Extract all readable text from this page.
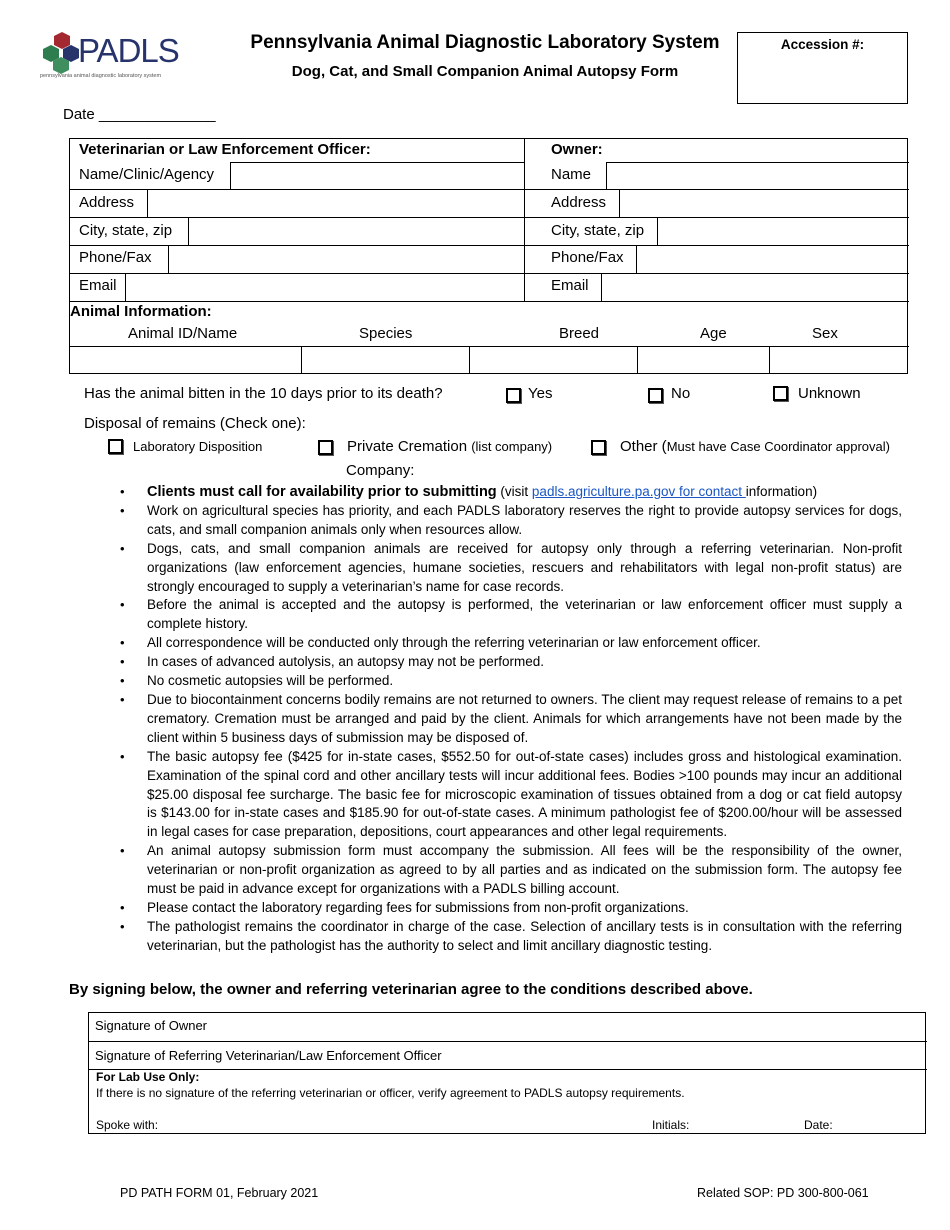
PADLS
pennsylvania animal diagnostic laboratory system
Pennsylvania Animal Diagnostic Laboratory System
Dog, Cat, and Small Companion Animal Autopsy Form
Accession #:
Date ______________
Veterinarian or Law Enforcement Officer:
Name/Clinic/Agency
Address
City, state, zip
Phone/Fax
Email
Owner:
Name
Address
City, state, zip
Phone/Fax
Email
Animal Information:
Animal ID/Name	Species	Breed	Age	Sex
Has the animal bitten in the 10 days prior to its death?	Yes	No	Unknown
Disposal of remains (Check one):
Laboratory Disposition	Private Cremation (list company)	Other (Must have Case Coordinator approval)
Company:
• Clients must call for availability prior to submitting (visit padls.agriculture.pa.gov for contact information)
• Work on agricultural species has priority, and each PADLS laboratory reserves the right to provide autopsy services for dogs, cats, and small companion animals only when resources allow.
• Dogs, cats, and small companion animals are received for autopsy only through a referring veterinarian. Non-profit organizations (law enforcement agencies, humane societies, rescuers and rehabilitators with legal non-profit status) are strongly encouraged to supply a veterinarian’s name for case records.
• Before the animal is accepted and the autopsy is performed, the veterinarian or law enforcement officer must supply a complete history.
• All correspondence will be conducted only through the referring veterinarian or law enforcement officer.
• In cases of advanced autolysis, an autopsy may not be performed.
• No cosmetic autopsies will be performed.
• Due to biocontainment concerns bodily remains are not returned to owners. The client may request release of remains to a pet crematory. Cremation must be arranged and paid by the client. Animals for which arrangements have not been made by the client within 5 business days of submission may be disposed of.
• The basic autopsy fee ($425 for in-state cases, $552.50 for out-of-state cases) includes gross and histological examination. Examination of the spinal cord and other ancillary tests will incur additional fees. Bodies >100 pounds may incur an additional $25.00 disposal fee surcharge. The basic fee for microscopic examination of tissues obtained from a dog or cat field autopsy is $143.00 for in-state cases and $185.90 for out-of-state cases. A minimum pathologist fee of $200.00/hour will be assessed in legal cases for case preparation, depositions, court appearances and other legal requirements.
• An animal autopsy submission form must accompany the submission. All fees will be the responsibility of the owner, veterinarian or non-profit organization as agreed to by all parties and as indicated on the submission form. The autopsy fee must be paid in advance except for organizations with a PADLS billing account.
• Please contact the laboratory regarding fees for submissions from non-profit organizations.
• The pathologist remains the coordinator in charge of the case. Selection of ancillary tests is in consultation with the referring veterinarian, but the pathologist has the authority to select and limit ancillary diagnostic testing.
By signing below, the owner and referring veterinarian agree to the conditions described above.
Signature of Owner
Signature of Referring Veterinarian/Law Enforcement Officer
For Lab Use Only:
If there is no signature of the referring veterinarian or officer, verify agreement to PADLS autopsy requirements.
Spoke with:	Initials:	Date:
PD PATH FORM 01, February 2021	Related SOP: PD 300-800-061
